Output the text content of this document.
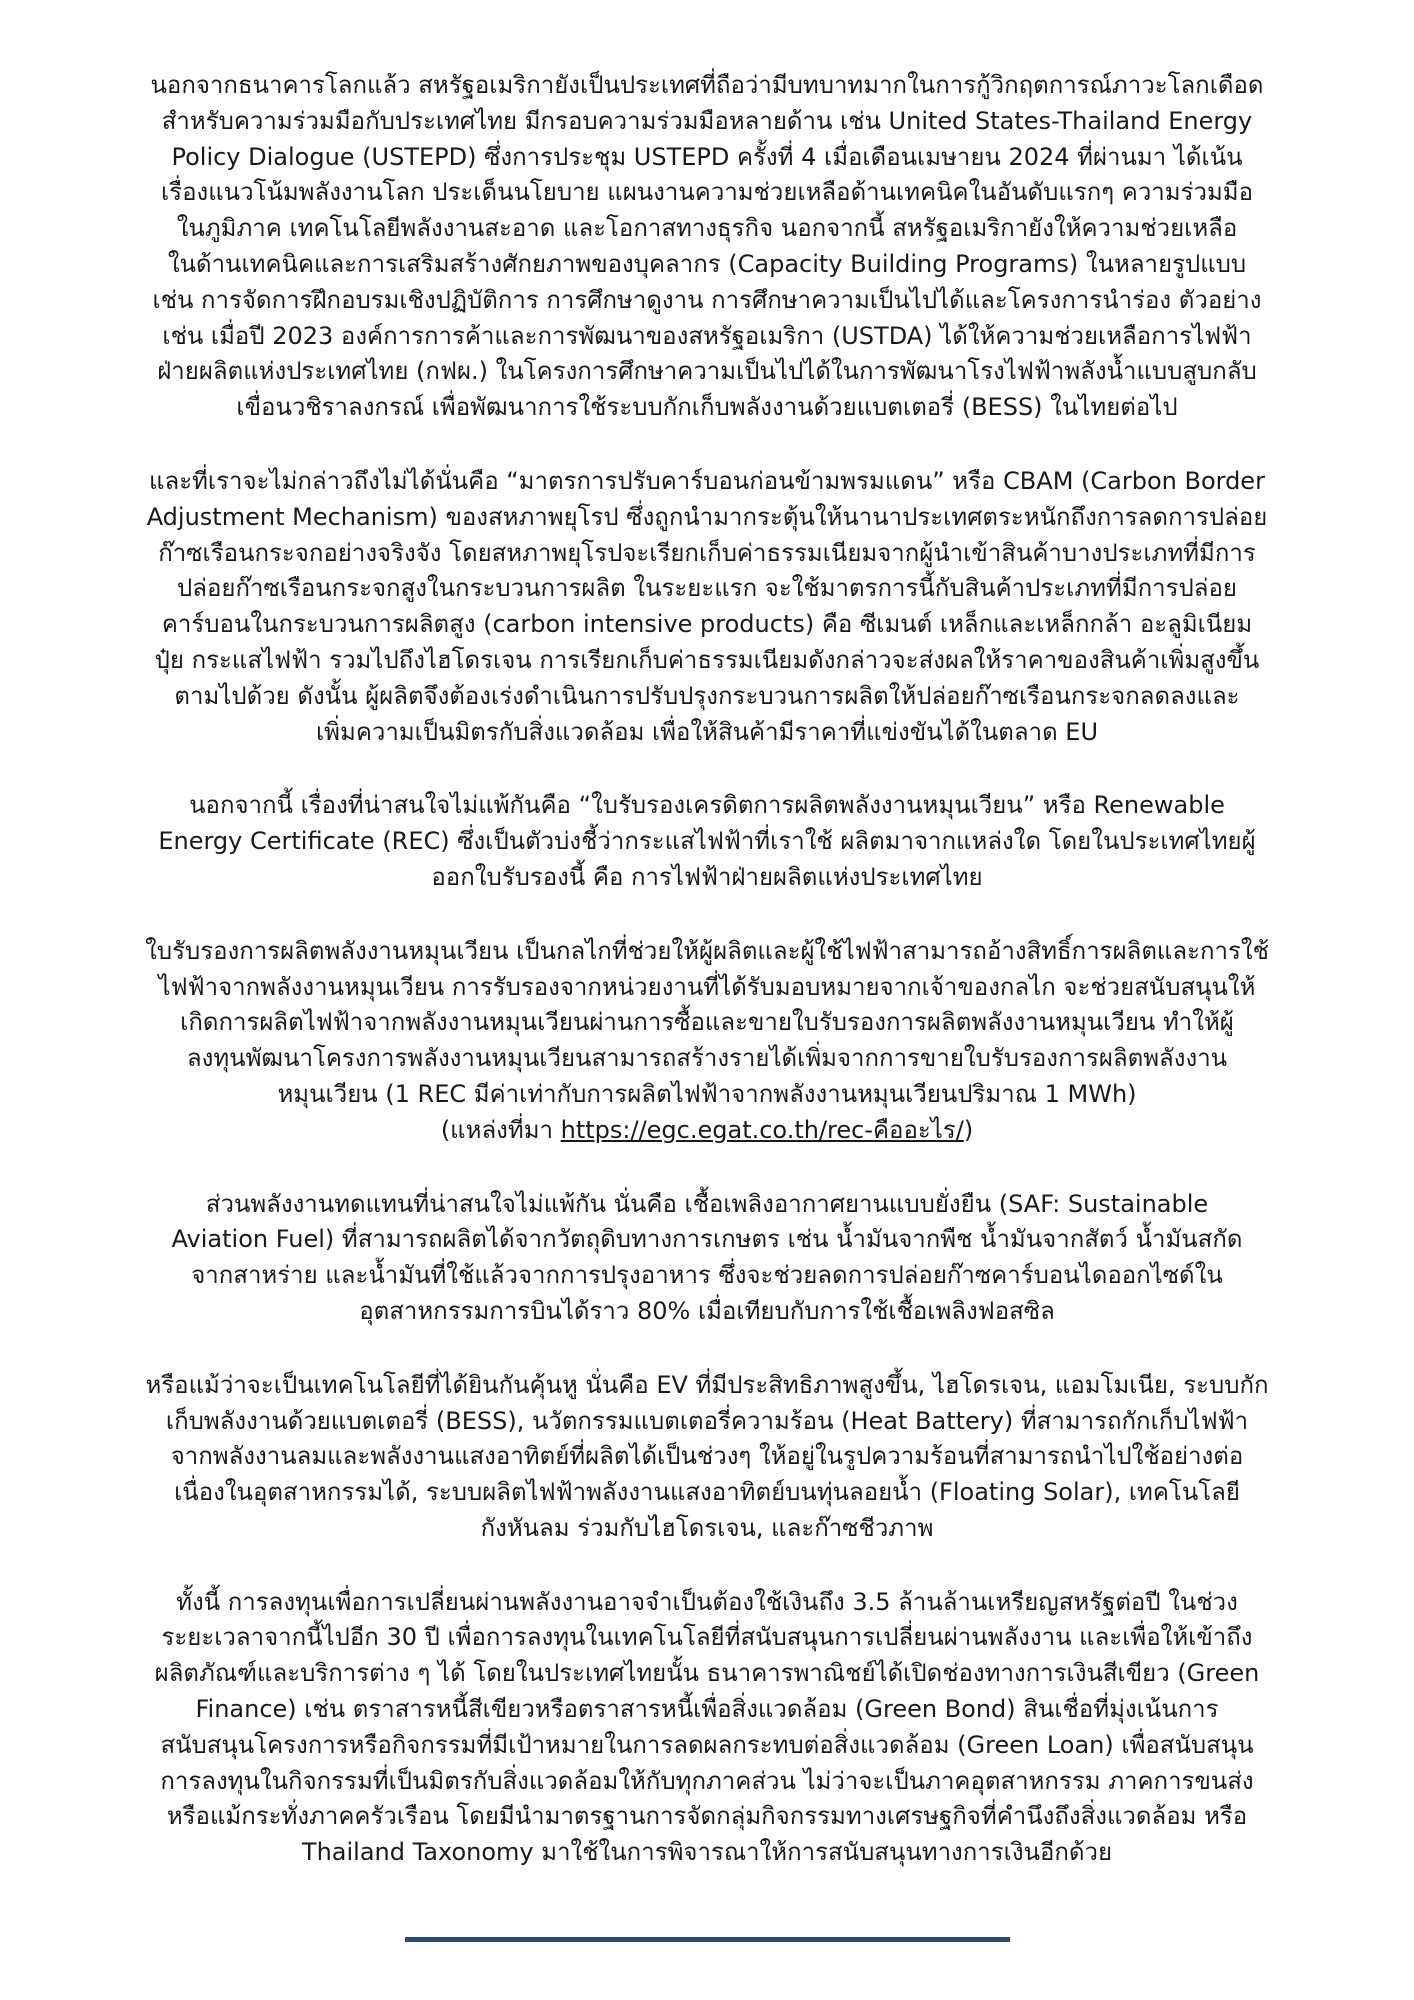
นอกจากธนาคารโลกแล้ว สหรัฐอเมริกายังเป็นประเทศที่ถือว่ามีบทบาทมากในการกู้วิกฤตการณ์ภาวะโลกเดือด
สำหรับความร่วมมือกับประเทศไทย มีกรอบความร่วมมือหลายด้าน เช่น United States-Thailand Energy
Policy Dialogue (USTEPD) ซึ่งการประชุม USTEPD ครั้งที่ 4 เมื่อเดือนเมษายน 2024 ที่ผ่านมา ได้เน้น
เรื่องแนวโน้มพลังงานโลก ประเด็นนโยบาย แผนงานความช่วยเหลือด้านเทคนิคในอันดับแรกๆ ความร่วมมือ
ในภูมิภาค เทคโนโลยีพลังงานสะอาด และโอกาสทางธุรกิจ นอกจากนี้ สหรัฐอเมริกายังให้ความช่วยเหลือ
ในด้านเทคนิคและการเสริมสร้างศักยภาพของบุคลากร (Capacity Building Programs) ในหลายรูปแบบ
เช่น การจัดการฝึกอบรมเชิงปฏิบัติการ การศึกษาดูงาน การศึกษาความเป็นไปได้และโครงการนำร่อง ตัวอย่าง
เช่น เมื่อปี 2023 องค์การการค้าและการพัฒนาของสหรัฐอเมริกา (USTDA) ได้ให้ความช่วยเหลือการไฟฟ้า
ฝ่ายผลิตแห่งประเทศไทย (กฟผ.) ในโครงการศึกษาความเป็นไปได้ในการพัฒนาโรงไฟฟ้าพลังน้ำแบบสูบกลับ
เขื่อนวชิราลงกรณ์ เพื่อพัฒนาการใช้ระบบกักเก็บพลังงานด้วยแบตเตอรี่ (BESS) ในไทยต่อไป

และที่เราจะไม่กล่าวถึงไม่ได้นั่นคือ “มาตรการปรับคาร์บอนก่อนข้ามพรมแดน” หรือ CBAM (Carbon Border
Adjustment Mechanism) ของสหภาพยุโรป ซึ่งถูกนำมากระตุ้นให้นานาประเทศตระหนักถึงการลดการปล่อย
ก๊าซเรือนกระจกอย่างจริงจัง โดยสหภาพยุโรปจะเรียกเก็บค่าธรรมเนียมจากผู้นำเข้าสินค้าบางประเภทที่มีการ
ปล่อยก๊าซเรือนกระจกสูงในกระบวนการผลิต ในระยะแรก จะใช้มาตรการนี้กับสินค้าประเภทที่มีการปล่อย
คาร์บอนในกระบวนการผลิตสูง (carbon intensive products) คือ ซีเมนต์ เหล็กและเหล็กกล้า อะลูมิเนียม
ปุ๋ย กระแสไฟฟ้า รวมไปถึงไฮโดรเจน การเรียกเก็บค่าธรรมเนียมดังกล่าวจะส่งผลให้ราคาของสินค้าเพิ่มสูงขึ้น
ตามไปด้วย ดังนั้น ผู้ผลิตจึงต้องเร่งดำเนินการปรับปรุงกระบวนการผลิตให้ปล่อยก๊าซเรือนกระจกลดลงและ
เพิ่มความเป็นมิตรกับสิ่งแวดล้อม เพื่อให้สินค้ามีราคาที่แข่งขันได้ในตลาด EU

นอกจากนี้ เรื่องที่น่าสนใจไม่แพ้กันคือ “ใบรับรองเครดิตการผลิตพลังงานหมุนเวียน” หรือ Renewable
Energy Certificate (REC) ซึ่งเป็นตัวบ่งชี้ว่ากระแสไฟฟ้าที่เราใช้ ผลิตมาจากแหล่งใด โดยในประเทศไทยผู้
ออกใบรับรองนี้ คือ การไฟฟ้าฝ่ายผลิตแห่งประเทศไทย

ใบรับรองการผลิตพลังงานหมุนเวียน เป็นกลไกที่ช่วยให้ผู้ผลิตและผู้ใช้ไฟฟ้าสามารถอ้างสิทธิ์การผลิตและการใช้
ไฟฟ้าจากพลังงานหมุนเวียน การรับรองจากหน่วยงานที่ได้รับมอบหมายจากเจ้าของกลไก จะช่วยสนับสนุนให้
เกิดการผลิตไฟฟ้าจากพลังงานหมุนเวียนผ่านการซื้อและขายใบรับรองการผลิตพลังงานหมุนเวียน ทำให้ผู้
ลงทุนพัฒนาโครงการพลังงานหมุนเวียนสามารถสร้างรายได้เพิ่มจากการขายใบรับรองการผลิตพลังงาน
หมุนเวียน (1 REC มีค่าเท่ากับการผลิตไฟฟ้าจากพลังงานหมุนเวียนปริมาณ 1 MWh)
(แหล่งที่มา https://egc.egat.co.th/rec-คืออะไร/)

ส่วนพลังงานทดแทนที่น่าสนใจไม่แพ้กัน นั่นคือ เชื้อเพลิงอากาศยานแบบยั่งยืน (SAF: Sustainable
Aviation Fuel) ที่สามารถผลิตได้จากวัตถุดิบทางการเกษตร เช่น น้ำมันจากพืช น้ำมันจากสัตว์ น้ำมันสกัด
จากสาหร่าย และน้ำมันที่ใช้แล้วจากการปรุงอาหาร ซึ่งจะช่วยลดการปล่อยก๊าซคาร์บอนไดออกไซด์ใน
อุตสาหกรรมการบินได้ราว 80% เมื่อเทียบกับการใช้เชื้อเพลิงฟอสซิล

หรือแม้ว่าจะเป็นเทคโนโลยีที่ได้ยินกันคุ้นหู นั่นคือ EV ที่มีประสิทธิภาพสูงขึ้น, ไฮโดรเจน, แอมโมเนีย, ระบบกัก
เก็บพลังงานด้วยแบตเตอรี่ (BESS), นวัตกรรมแบตเตอรี่ความร้อน (Heat Battery) ที่สามารถกักเก็บไฟฟ้า
จากพลังงานลมและพลังงานแสงอาทิตย์ที่ผลิตได้เป็นช่วงๆ ให้อยู่ในรูปความร้อนที่สามารถนำไปใช้อย่างต่อ
เนื่องในอุตสาหกรรมได้, ระบบผลิตไฟฟ้าพลังงานแสงอาทิตย์บนทุ่นลอยน้ำ (Floating Solar), เทคโนโลยี
กังหันลม ร่วมกับไฮโดรเจน, และก๊าซชีวภาพ

ทั้งนี้ การลงทุนเพื่อการเปลี่ยนผ่านพลังงานอาจจำเป็นต้องใช้เงินถึง 3.5 ล้านล้านเหรียญสหรัฐต่อปี ในช่วง
ระยะเวลาจากนี้ไปอีก 30 ปี เพื่อการลงทุนในเทคโนโลยีที่สนับสนุนการเปลี่ยนผ่านพลังงาน และเพื่อให้เข้าถึง
ผลิตภัณฑ์และบริการต่าง ๆ ได้ โดยในประเทศไทยนั้น ธนาคารพาณิชย์ได้เปิดช่องทางการเงินสีเขียว (Green
Finance) เช่น ตราสารหนี้สีเขียวหรือตราสารหนี้เพื่อสิ่งแวดล้อม (Green Bond) สินเชื่อที่มุ่งเน้นการ
สนับสนุนโครงการหรือกิจกรรมที่มีเป้าหมายในการลดผลกระทบต่อสิ่งแวดล้อม (Green Loan) เพื่อสนับสนุน
การลงทุนในกิจกรรมที่เป็นมิตรกับสิ่งแวดล้อมให้กับทุกภาคส่วน ไม่ว่าจะเป็นภาคอุตสาหกรรม ภาคการขนส่ง
หรือแม้กระทั่งภาคครัวเรือน โดยมีนำมาตรฐานการจัดกลุ่มกิจกรรมทางเศรษฐกิจที่คำนึงถึงสิ่งแวดล้อม หรือ
Thailand Taxonomy มาใช้ในการพิจารณาให้การสนับสนุนทางการเงินอีกด้วย
